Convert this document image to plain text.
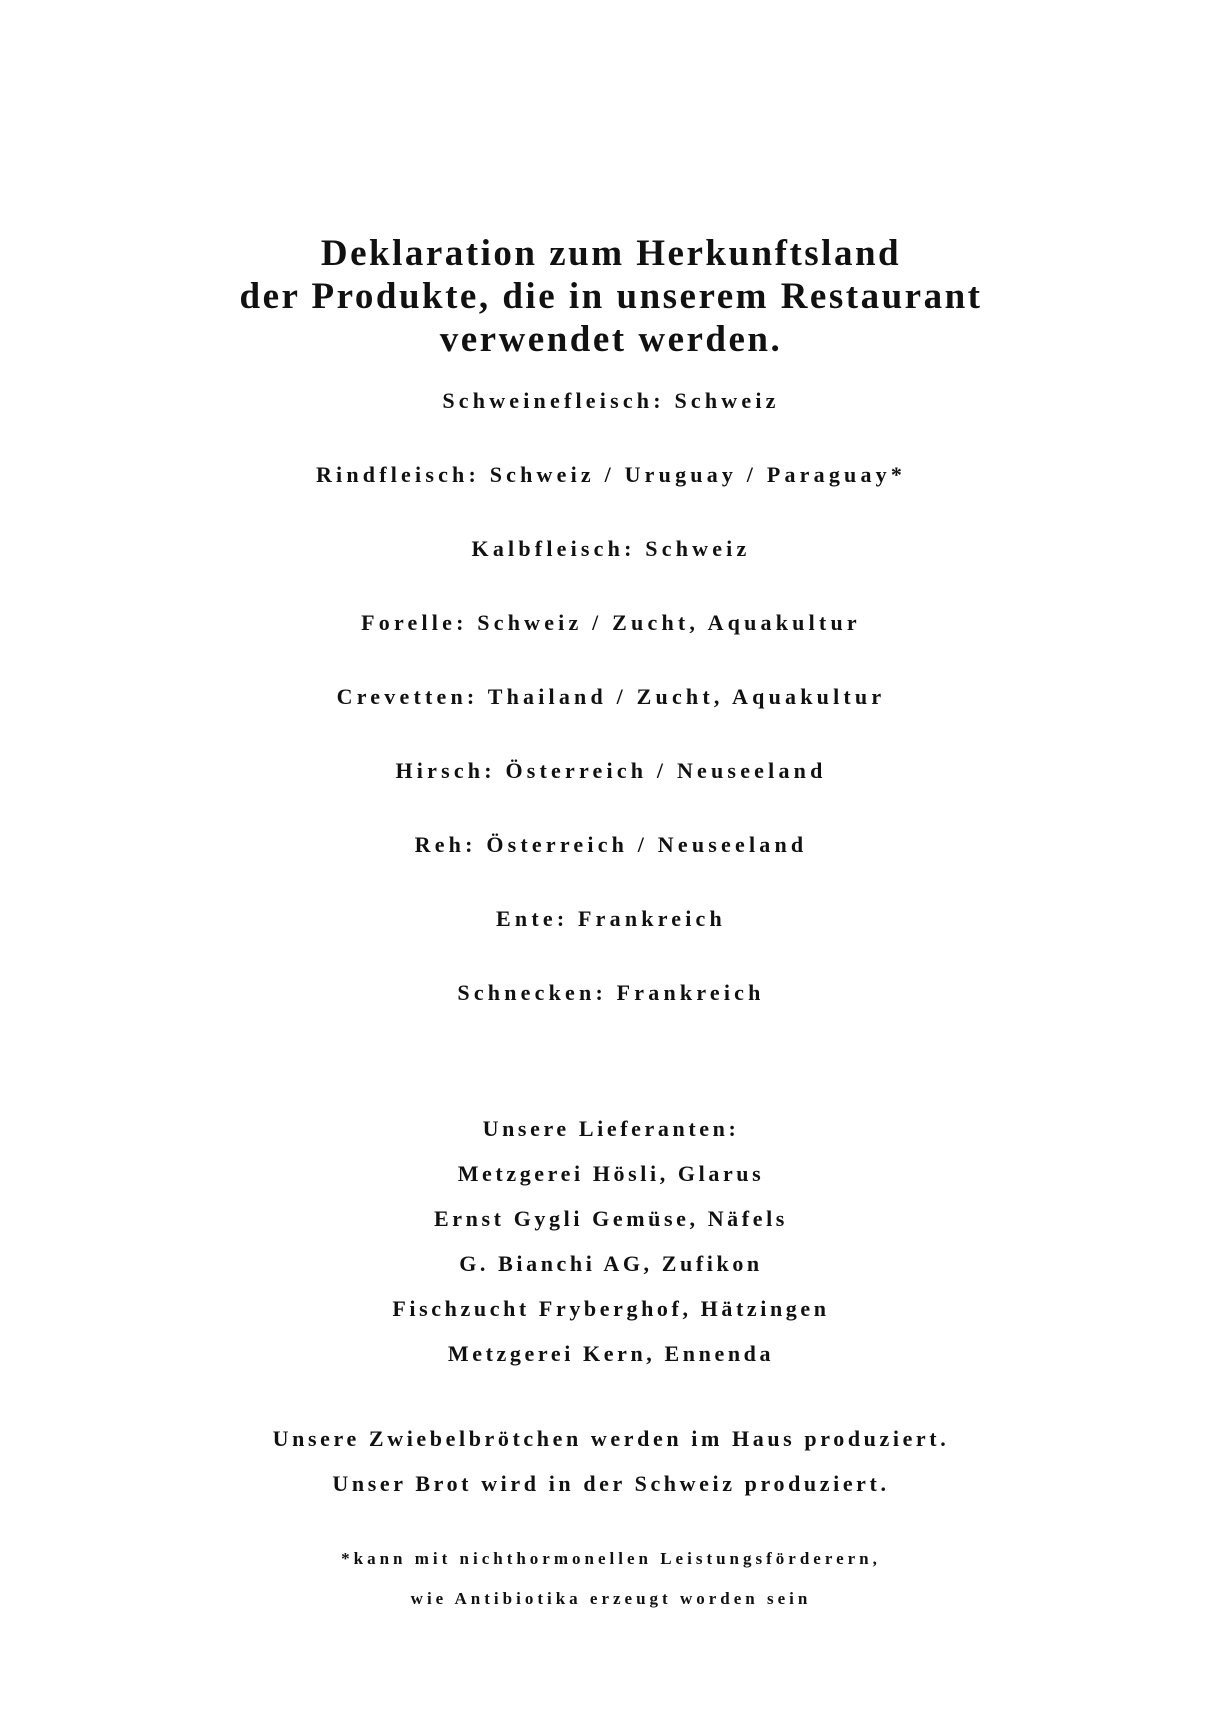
Deklaration zum Herkunftsland
der Produkte, die in unserem Restaurant
verwendet werden.
Schweinefleisch: Schweiz
Rindfleisch: Schweiz / Uruguay / Paraguay*
Kalbfleisch: Schweiz
Forelle: Schweiz / Zucht, Aquakultur
Crevetten: Thailand / Zucht, Aquakultur
Hirsch: Österreich / Neuseeland
Reh: Österreich / Neuseeland
Ente: Frankreich
Schnecken: Frankreich
Unsere Lieferanten:
Metzgerei Hösli, Glarus
Ernst Gygli Gemüse, Näfels
G. Bianchi AG, Zufikon
Fischzucht Fryberghof, Hätzingen
Metzgerei Kern, Ennenda
Unsere Zwiebelbrötchen werden im Haus produziert.
Unser Brot wird in der Schweiz produziert.
*kann mit nichthormonellen Leistungsförderern,
wie Antibiotika erzeugt worden sein
